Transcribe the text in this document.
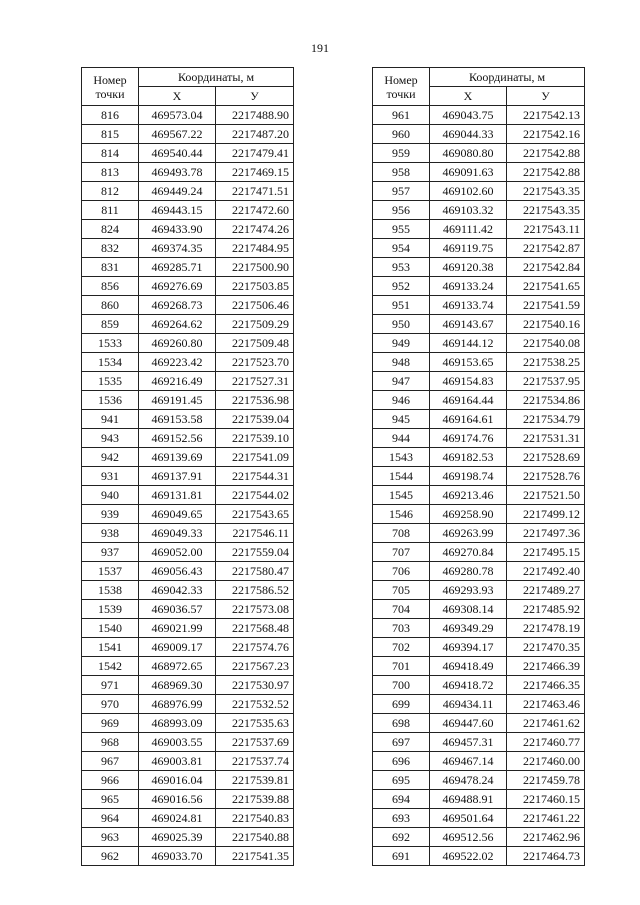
191
Номер
точки	Координаты, м	
	X	У
816	469573.04	2217488.90
815	469567.22	2217487.20
814	469540.44	2217479.41
813	469493.78	2217469.15
812	469449.24	2217471.51
811	469443.15	2217472.60
824	469433.90	2217474.26
832	469374.35	2217484.95
831	469285.71	2217500.90
856	469276.69	2217503.85
860	469268.73	2217506.46
859	469264.62	2217509.29
1533	469260.80	2217509.48
1534	469223.42	2217523.70
1535	469216.49	2217527.31
1536	469191.45	2217536.98
941	469153.58	2217539.04
943	469152.56	2217539.10
942	469139.69	2217541.09
931	469137.91	2217544.31
940	469131.81	2217544.02
939	469049.65	2217543.65
938	469049.33	2217546.11
937	469052.00	2217559.04
1537	469056.43	2217580.47
1538	469042.33	2217586.52
1539	469036.57	2217573.08
1540	469021.99	2217568.48
1541	469009.17	2217574.76
1542	468972.65	2217567.23
971	468969.30	2217530.97
970	468976.99	2217532.52
969	468993.09	2217535.63
968	469003.55	2217537.69
967	469003.81	2217537.74
966	469016.04	2217539.81
965	469016.56	2217539.88
964	469024.81	2217540.83
963	469025.39	2217540.88
962	469033.70	2217541.35
Номер
точки	Координаты, м	
	X	У
961	469043.75	2217542.13
960	469044.33	2217542.16
959	469080.80	2217542.88
958	469091.63	2217542.88
957	469102.60	2217543.35
956	469103.32	2217543.35
955	469111.42	2217543.11
954	469119.75	2217542.87
953	469120.38	2217542.84
952	469133.24	2217541.65
951	469133.74	2217541.59
950	469143.67	2217540.16
949	469144.12	2217540.08
948	469153.65	2217538.25
947	469154.83	2217537.95
946	469164.44	2217534.86
945	469164.61	2217534.79
944	469174.76	2217531.31
1543	469182.53	2217528.69
1544	469198.74	2217528.76
1545	469213.46	2217521.50
1546	469258.90	2217499.12
708	469263.99	2217497.36
707	469270.84	2217495.15
706	469280.78	2217492.40
705	469293.93	2217489.27
704	469308.14	2217485.92
703	469349.29	2217478.19
702	469394.17	2217470.35
701	469418.49	2217466.39
700	469418.72	2217466.35
699	469434.11	2217463.46
698	469447.60	2217461.62
697	469457.31	2217460.77
696	469467.14	2217460.00
695	469478.24	2217459.78
694	469488.91	2217460.15
693	469501.64	2217461.22
692	469512.56	2217462.96
691	469522.02	2217464.73
